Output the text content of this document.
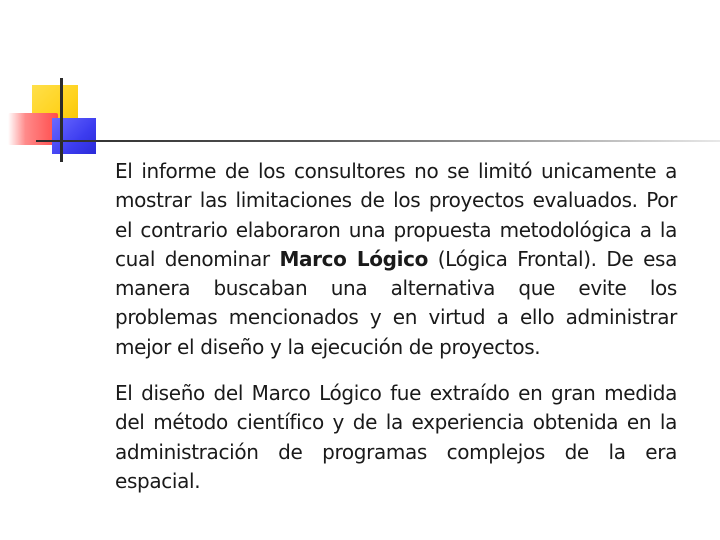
El informe de los consultores no se limitó unicamente a mostrar las limitaciones de los proyectos evaluados. Por el contrario elaboraron una propuesta metodológica a la cual denominar Marco Lógico (Lógica Frontal). De esa manera buscaban una alternativa que evite los problemas mencionados y en virtud a ello administrar mejor el diseño y la ejecución de proyectos.

El diseño del Marco Lógico fue extraído en gran medida del método científico y de la experiencia obtenida en la administración de programas complejos de la era espacial.
